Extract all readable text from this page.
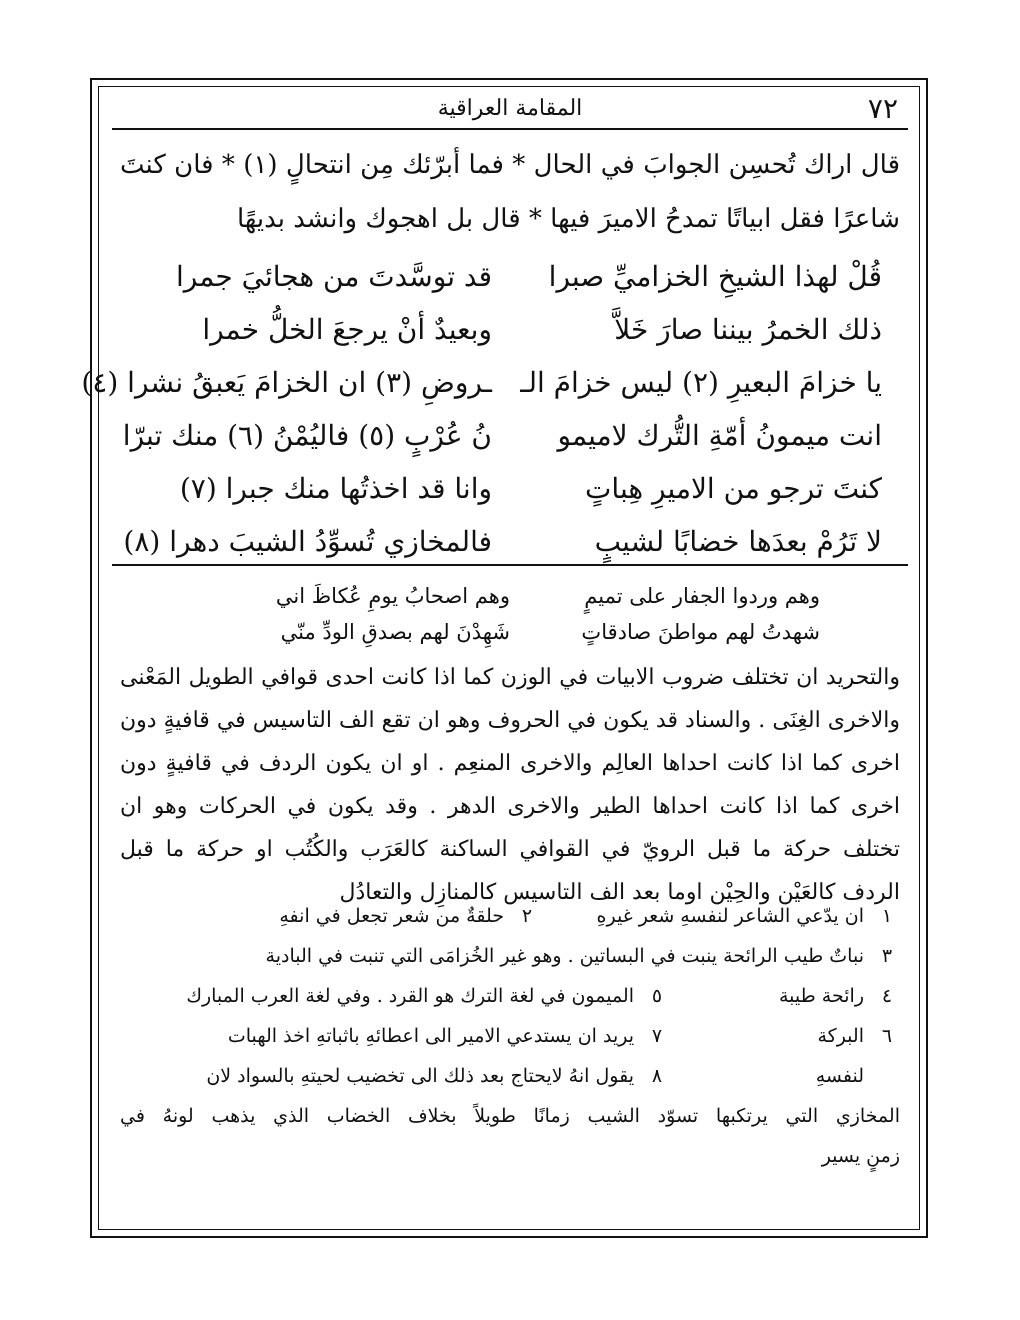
٧٢
المقامة العراقية
قال اراك تُحسِن الجوابَ في الحال * فما أبرّئك مِن انتحالٍ (١) * فان كنتَ
شاعرًا فقل ابياتًا تمدحُ الاميرَ فيها * قال بل اهجوك وانشد بديهًا
قُلْ لهذا الشيخِ الخزاميِّ صبرا
قد توسَّدتَ من هجائيَ جمرا
ذلك الخمرُ بيننا صارَ خَلاَّ
وبعيدٌ أنْ يرجعَ الخلُّ خمرا
يا خزامَ البعيرِ (٢) ليس خزامَ الـ
ـروضِ (٣) ان الخزامَ يَعبقُ نشرا (٤)
انت ميمونُ أمّةِ التُّرك لاميمو
نُ عُرْبٍ (٥) فاليُمْنُ (٦) منك تبرّا
كنتَ ترجو من الاميرِ هِباتٍ
وانا قد اخذتُها منك جبرا (٧)
لا تَرُمْ بعدَها خضابًا لشيبٍ
فالمخازي تُسوِّدُ الشيبَ دهرا (٨)
وهم وردوا الجفار على تميمٍ
وهم اصحابُ يومِ عُكاظَ اني
شهدتُ لهم مواطنَ صادقاتٍ
شَهِدْنَ لهم بصدقِ الودِّ منّي
والتحريد ان تختلف ضروب الابيات في الوزن كما اذا كانت احدى قوافي الطويل المَعْنى
والاخرى الغِنَى . والسناد قد يكون في الحروف وهو ان تقع الف التاسيس في قافيةٍ دون
اخرى كما اذا كانت احداها العالِم والاخرى المنعِم . او ان يكون الردف في قافيةٍ دون
اخرى كما اذا كانت احداها الطير والاخرى الدهر . وقد يكون في الحركات وهو ان
تختلف حركة ما قبل الرويّ في القوافي الساكنة كالعَرَب والكُتُب او حركة ما قبل
الردف كالعَيْن والحِيْن اوما بعد الف التاسيس كالمنازِل والتعادُل
١
ان يدّعي الشاعر لنفسهِ شعر غيرهِ
٢
حلقةٌ من شعر تجعل في انفهِ
٣
نباتٌ طيب الرائحة ينبت في البساتين . وهو غير الخُزامَى التي تنبت في البادية
٤
رائحة طيبة
٥
الميمون في لغة الترك هو القرد . وفي لغة العرب المبارك
٦
البركة
٧
يريد ان يستدعي الامير الى اعطائهِ باثباتهِ اخذ الهبات
لنفسهِ
٨
يقول انهُ لايحتاج بعد ذلك الى تخضيب لحيتهِ بالسواد لان
المخازي التي يرتكبها تسوّد الشيب زمانًا طويلاً بخلاف الخضاب الذي يذهب لونهُ في
زمنٍ يسير
